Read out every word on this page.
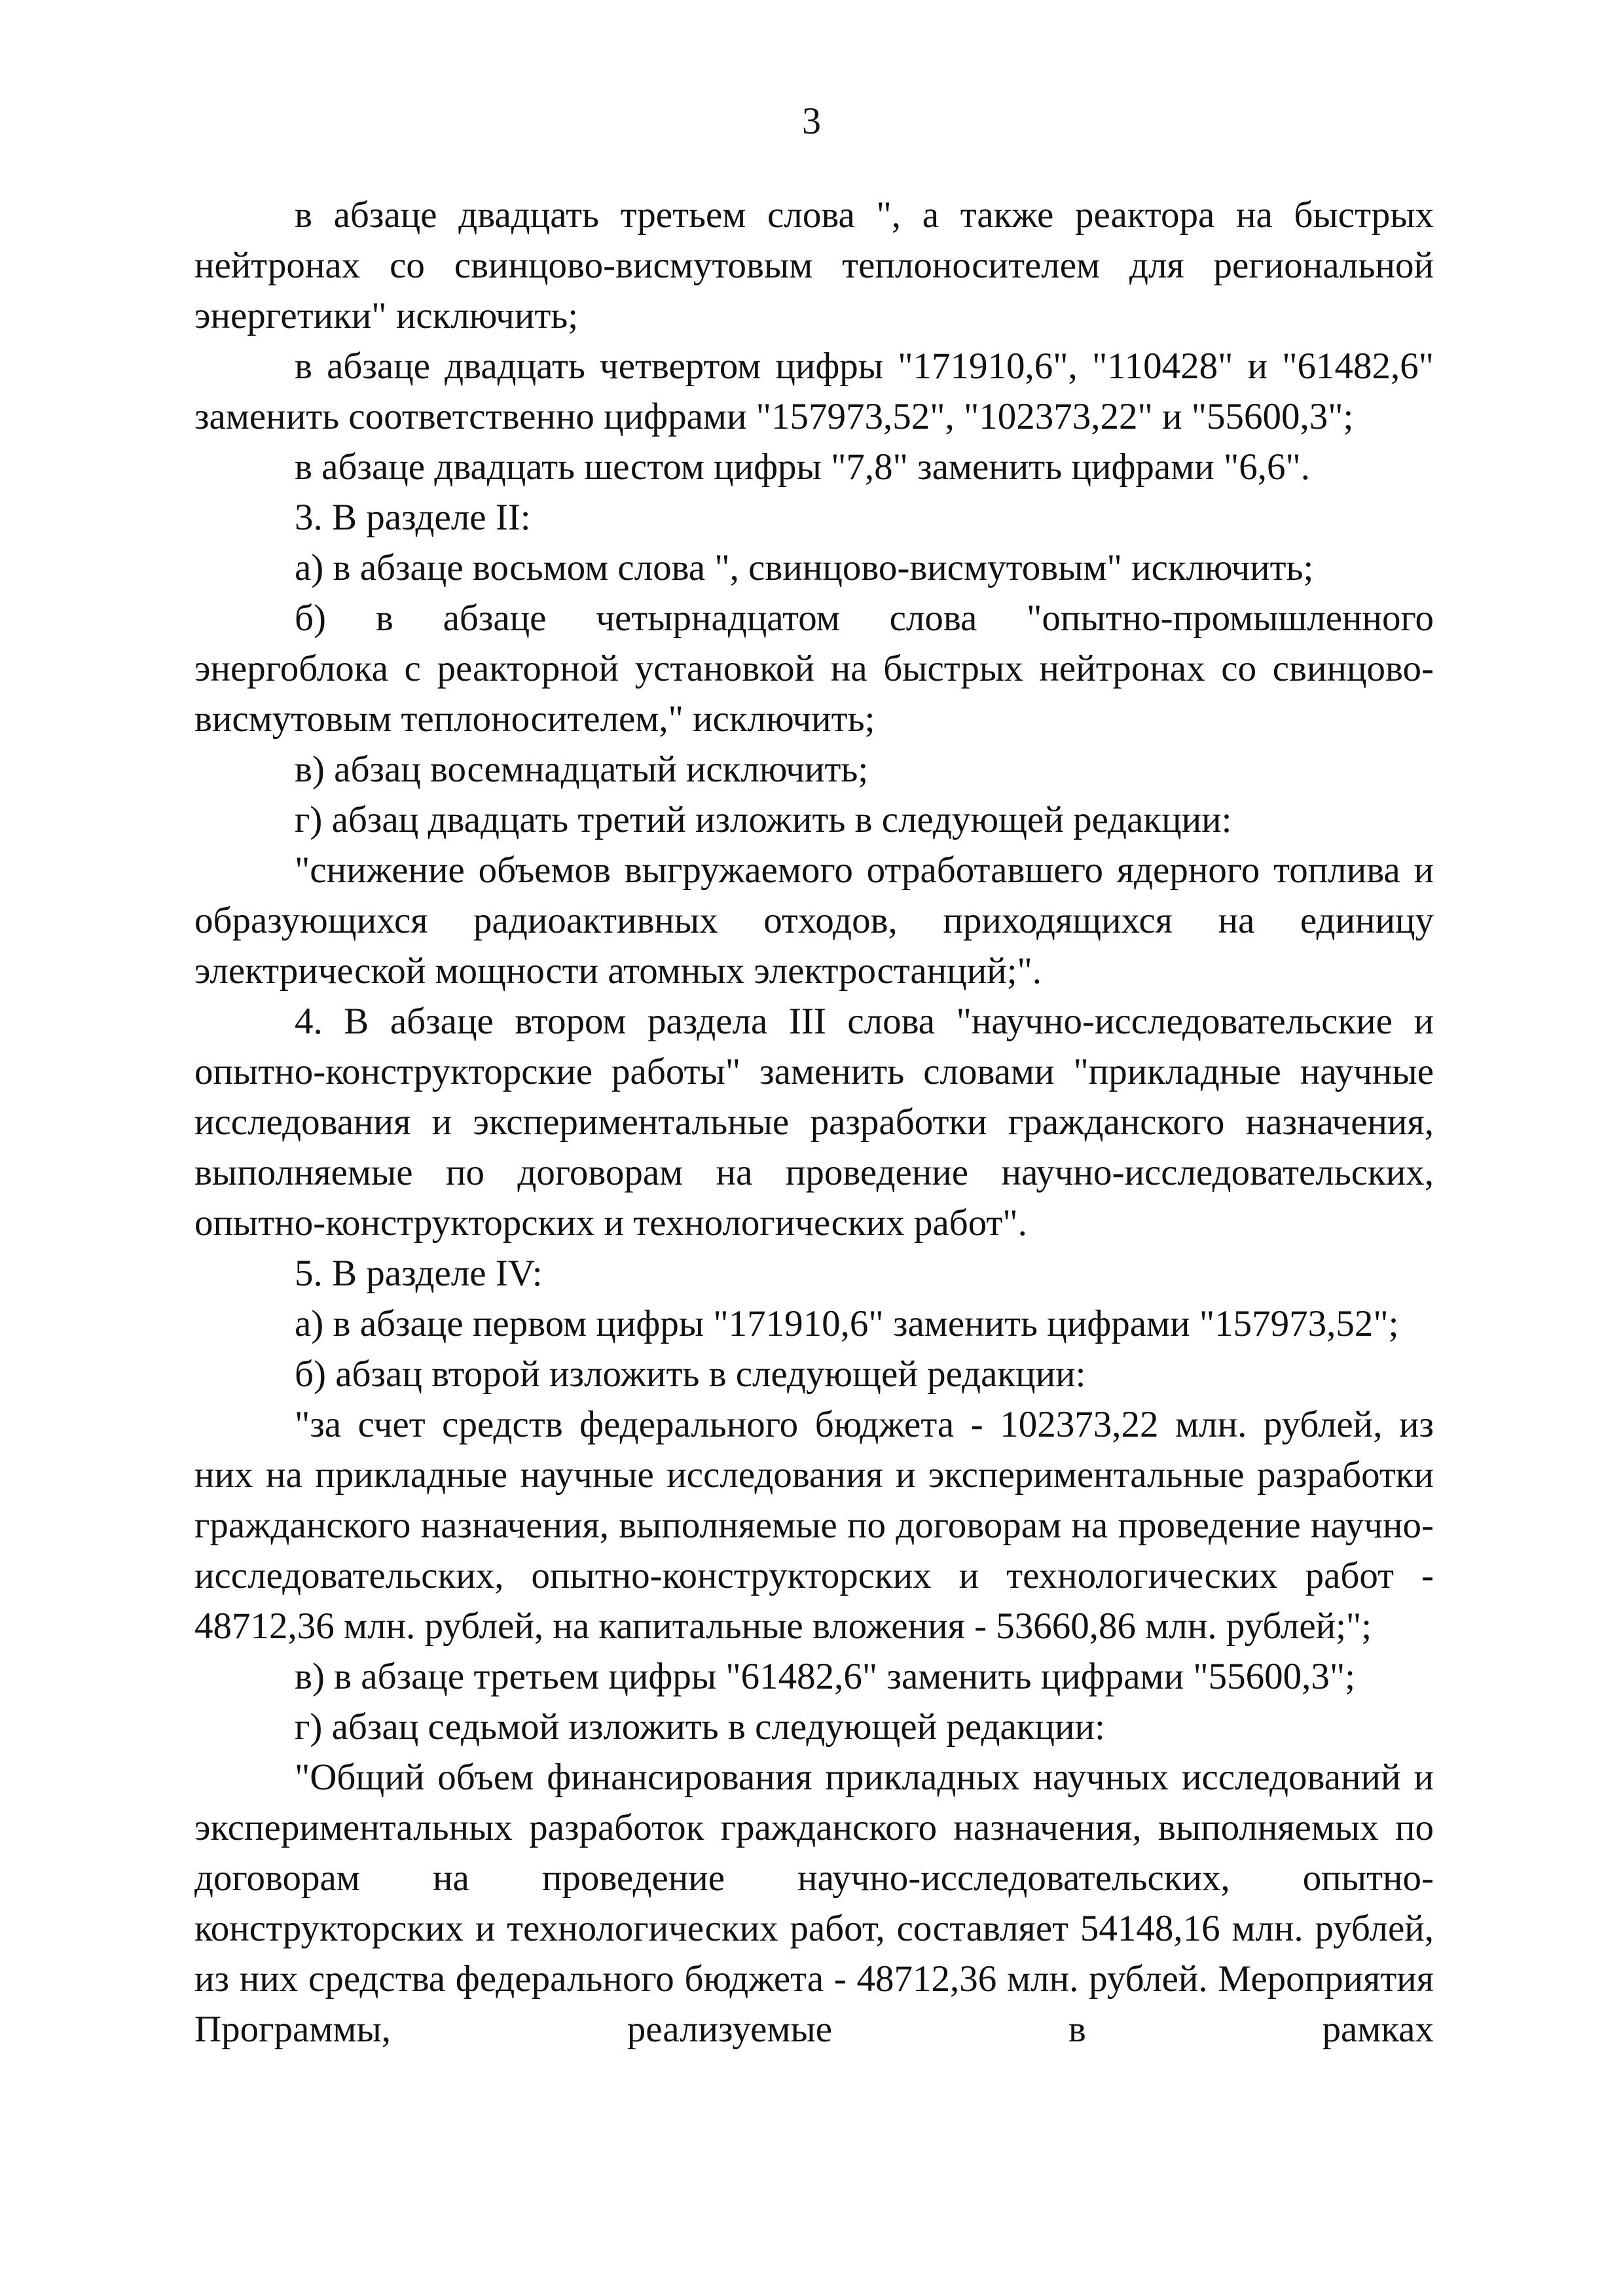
3

в абзаце двадцать третьем слова ", а также реактора на быстрых нейтронах со свинцово-висмутовым теплоносителем для региональной энергетики" исключить;

в абзаце двадцать четвертом цифры "171910,6", "110428" и "61482,6" заменить соответственно цифрами "157973,52", "102373,22" и "55600,3";

в абзаце двадцать шестом цифры "7,8" заменить цифрами "6,6".

3. В разделе II:

а) в абзаце восьмом слова ", свинцово-висмутовым" исключить;

б) в абзаце четырнадцатом слова "опытно-промышленного энергоблока с реакторной установкой на быстрых нейтронах со свинцово-висмутовым теплоносителем," исключить;

в) абзац восемнадцатый исключить;

г) абзац двадцать третий изложить в следующей редакции:

"снижение объемов выгружаемого отработавшего ядерного топлива и образующихся радиоактивных отходов, приходящихся на единицу электрической мощности атомных электростанций;".

4. В абзаце втором раздела III слова "научно-исследовательские и опытно-конструкторские работы" заменить словами "прикладные научные исследования и экспериментальные разработки гражданского назначения, выполняемые по договорам на проведение научно-исследовательских, опытно-конструкторских и технологических работ".

5. В разделе IV:

а) в абзаце первом цифры "171910,6" заменить цифрами "157973,52";

б) абзац второй изложить в следующей редакции:

"за счет средств федерального бюджета - 102373,22 млн. рублей, из них на прикладные научные исследования и экспериментальные разработки гражданского назначения, выполняемые по договорам на проведение научно-исследовательских, опытно-конструкторских и технологических работ - 48712,36 млн. рублей, на капитальные вложения - 53660,86 млн. рублей;";

в) в абзаце третьем цифры "61482,6" заменить цифрами "55600,3";

г) абзац седьмой изложить в следующей редакции:

"Общий объем финансирования прикладных научных исследований и экспериментальных разработок гражданского назначения, выполняемых по договорам на проведение научно-исследовательских, опытно-конструкторских и технологических работ, составляет 54148,16 млн. рублей, из них средства федерального бюджета - 48712,36 млн. рублей. Мероприятия Программы, реализуемые в рамках
